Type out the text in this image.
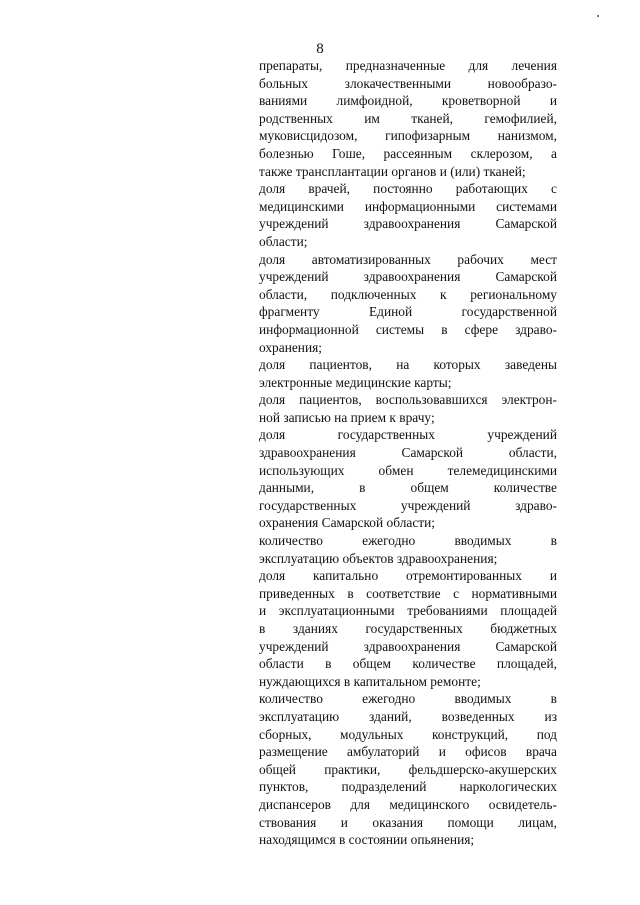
8
препараты, предназначенные для лечения
больных злокачественными новообразо-
ваниями лимфоидной, кроветворной и
родственных им тканей, гемофилией,
муковисцидозом, гипофизарным нанизмом,
болезнью Гоше, рассеянным склерозом, а
также трансплантации органов и (или) тканей;
доля врачей, постоянно работающих с
медицинскими информационными системами
учреждений здравоохранения Самарской
области;
доля автоматизированных рабочих мест
учреждений здравоохранения Самарской
области, подключенных к региональному
фрагменту Единой государственной
информационной системы в сфере здраво-
охранения;
доля пациентов, на которых заведены
электронные медицинские карты;
доля пациентов, воспользовавшихся электрон-
ной записью на прием к врачу;
доля государственных учреждений
здравоохранения Самарской области,
использующих обмен телемедицинскими
данными, в общем количестве
государственных учреждений здраво-
охранения Самарской области;
количество ежегодно вводимых в
эксплуатацию объектов здравоохранения;
доля капитально отремонтированных и
приведенных в соответствие с нормативными
и эксплуатационными требованиями площадей
в зданиях государственных бюджетных
учреждений здравоохранения Самарской
области в общем количестве площадей,
нуждающихся в капитальном ремонте;
количество ежегодно вводимых в
эксплуатацию зданий, возведенных из
сборных, модульных конструкций, под
размещение амбулаторий и офисов врача
общей практики, фельдшерско-акушерских
пунктов, подразделений наркологических
диспансеров для медицинского освидетель-
ствования и оказания помощи лицам,
находящимся в состоянии опьянения;
